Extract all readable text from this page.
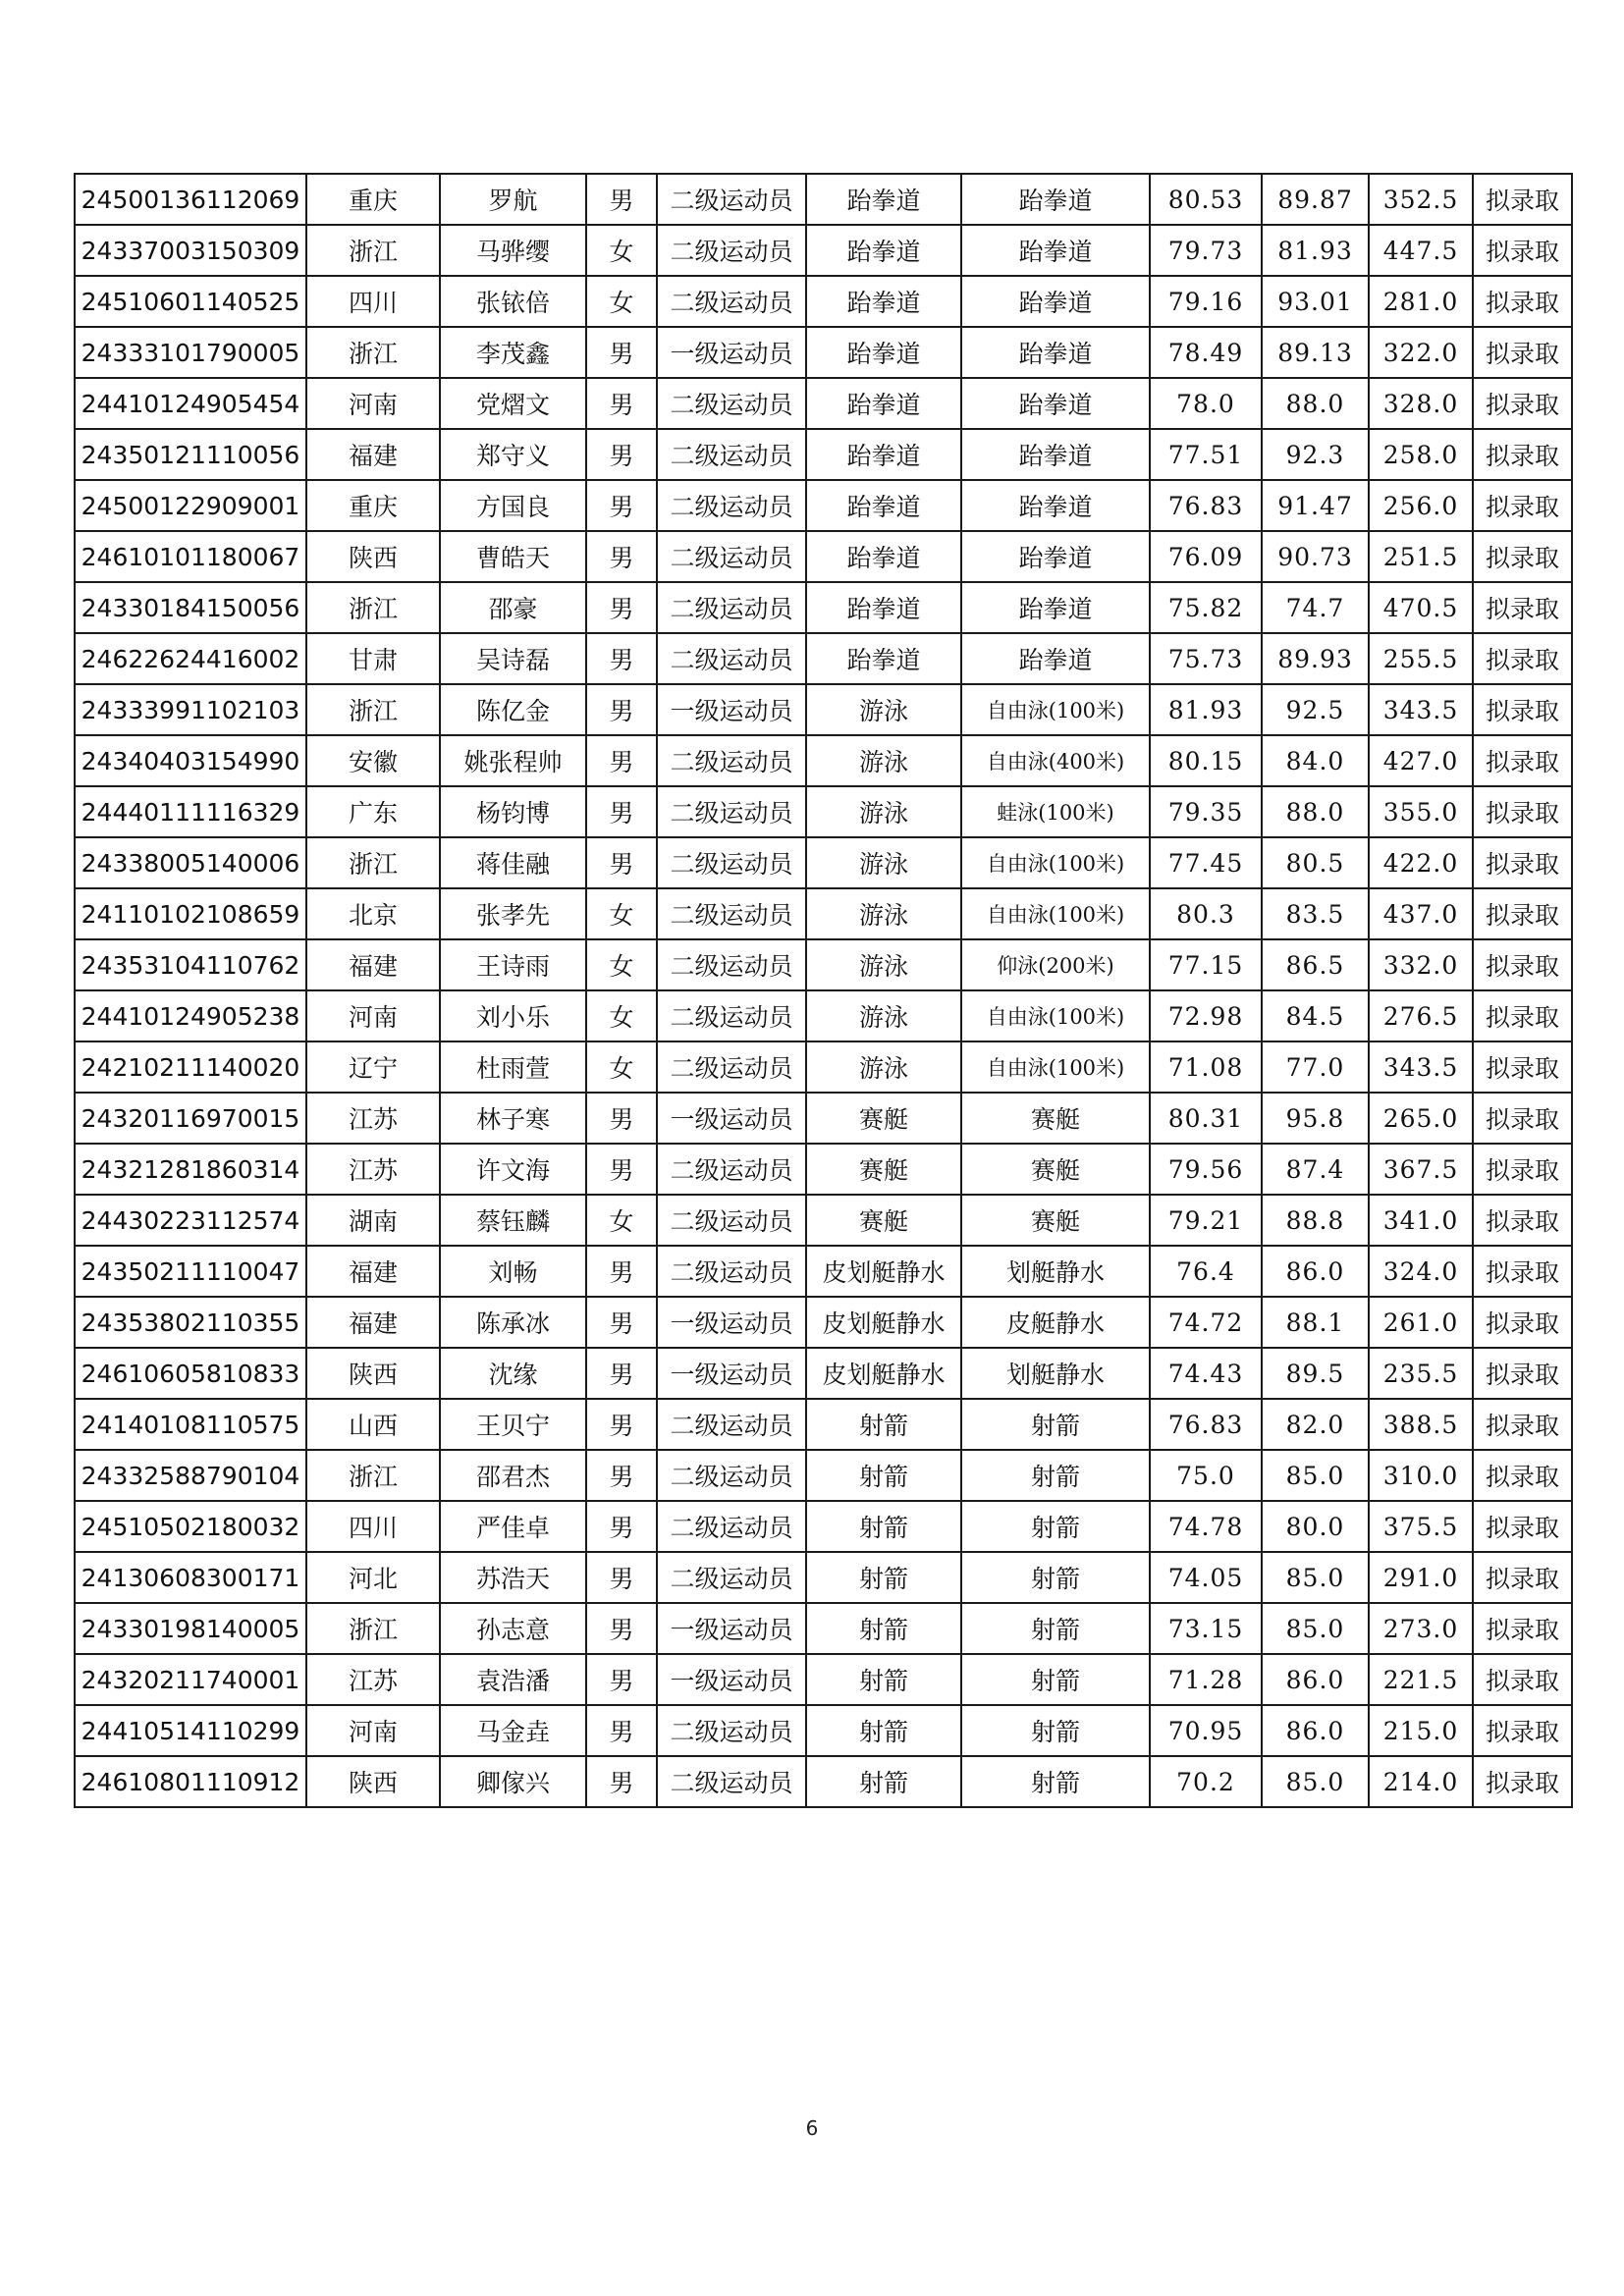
24500136112069	重庆	罗航	男	二级运动员	跆拳道	跆拳道	80.53	89.87	352.5	拟录取
24337003150309	浙江	马骅缨	女	二级运动员	跆拳道	跆拳道	79.73	81.93	447.5	拟录取
24510601140525	四川	张铱倍	女	二级运动员	跆拳道	跆拳道	79.16	93.01	281.0	拟录取
24333101790005	浙江	李茂鑫	男	一级运动员	跆拳道	跆拳道	78.49	89.13	322.0	拟录取
24410124905454	河南	党熠文	男	二级运动员	跆拳道	跆拳道	78.0	88.0	328.0	拟录取
24350121110056	福建	郑守义	男	二级运动员	跆拳道	跆拳道	77.51	92.3	258.0	拟录取
24500122909001	重庆	方国良	男	二级运动员	跆拳道	跆拳道	76.83	91.47	256.0	拟录取
24610101180067	陕西	曹皓天	男	二级运动员	跆拳道	跆拳道	76.09	90.73	251.5	拟录取
24330184150056	浙江	邵豪	男	二级运动员	跆拳道	跆拳道	75.82	74.7	470.5	拟录取
24622624416002	甘肃	吴诗磊	男	二级运动员	跆拳道	跆拳道	75.73	89.93	255.5	拟录取
24333991102103	浙江	陈亿金	男	一级运动员	游泳	自由泳(100米)	81.93	92.5	343.5	拟录取
24340403154990	安徽	姚张程帅	男	二级运动员	游泳	自由泳(400米)	80.15	84.0	427.0	拟录取
24440111116329	广东	杨钧博	男	二级运动员	游泳	蛙泳(100米)	79.35	88.0	355.0	拟录取
24338005140006	浙江	蒋佳融	男	二级运动员	游泳	自由泳(100米)	77.45	80.5	422.0	拟录取
24110102108659	北京	张孝先	女	二级运动员	游泳	自由泳(100米)	80.3	83.5	437.0	拟录取
24353104110762	福建	王诗雨	女	二级运动员	游泳	仰泳(200米)	77.15	86.5	332.0	拟录取
24410124905238	河南	刘小乐	女	二级运动员	游泳	自由泳(100米)	72.98	84.5	276.5	拟录取
24210211140020	辽宁	杜雨萱	女	二级运动员	游泳	自由泳(100米)	71.08	77.0	343.5	拟录取
24320116970015	江苏	林子寒	男	一级运动员	赛艇	赛艇	80.31	95.8	265.0	拟录取
24321281860314	江苏	许文海	男	二级运动员	赛艇	赛艇	79.56	87.4	367.5	拟录取
24430223112574	湖南	蔡钰麟	女	二级运动员	赛艇	赛艇	79.21	88.8	341.0	拟录取
24350211110047	福建	刘畅	男	二级运动员	皮划艇静水	划艇静水	76.4	86.0	324.0	拟录取
24353802110355	福建	陈承冰	男	一级运动员	皮划艇静水	皮艇静水	74.72	88.1	261.0	拟录取
24610605810833	陕西	沈缘	男	一级运动员	皮划艇静水	划艇静水	74.43	89.5	235.5	拟录取
24140108110575	山西	王贝宁	男	二级运动员	射箭	射箭	76.83	82.0	388.5	拟录取
24332588790104	浙江	邵君杰	男	二级运动员	射箭	射箭	75.0	85.0	310.0	拟录取
24510502180032	四川	严佳卓	男	二级运动员	射箭	射箭	74.78	80.0	375.5	拟录取
24130608300171	河北	苏浩天	男	二级运动员	射箭	射箭	74.05	85.0	291.0	拟录取
24330198140005	浙江	孙志意	男	一级运动员	射箭	射箭	73.15	85.0	273.0	拟录取
24320211740001	江苏	袁浩潘	男	一级运动员	射箭	射箭	71.28	86.0	221.5	拟录取
24410514110299	河南	马金垚	男	二级运动员	射箭	射箭	70.95	86.0	215.0	拟录取
24610801110912	陕西	卿傢兴	男	二级运动员	射箭	射箭	70.2	85.0	214.0	拟录取
6
